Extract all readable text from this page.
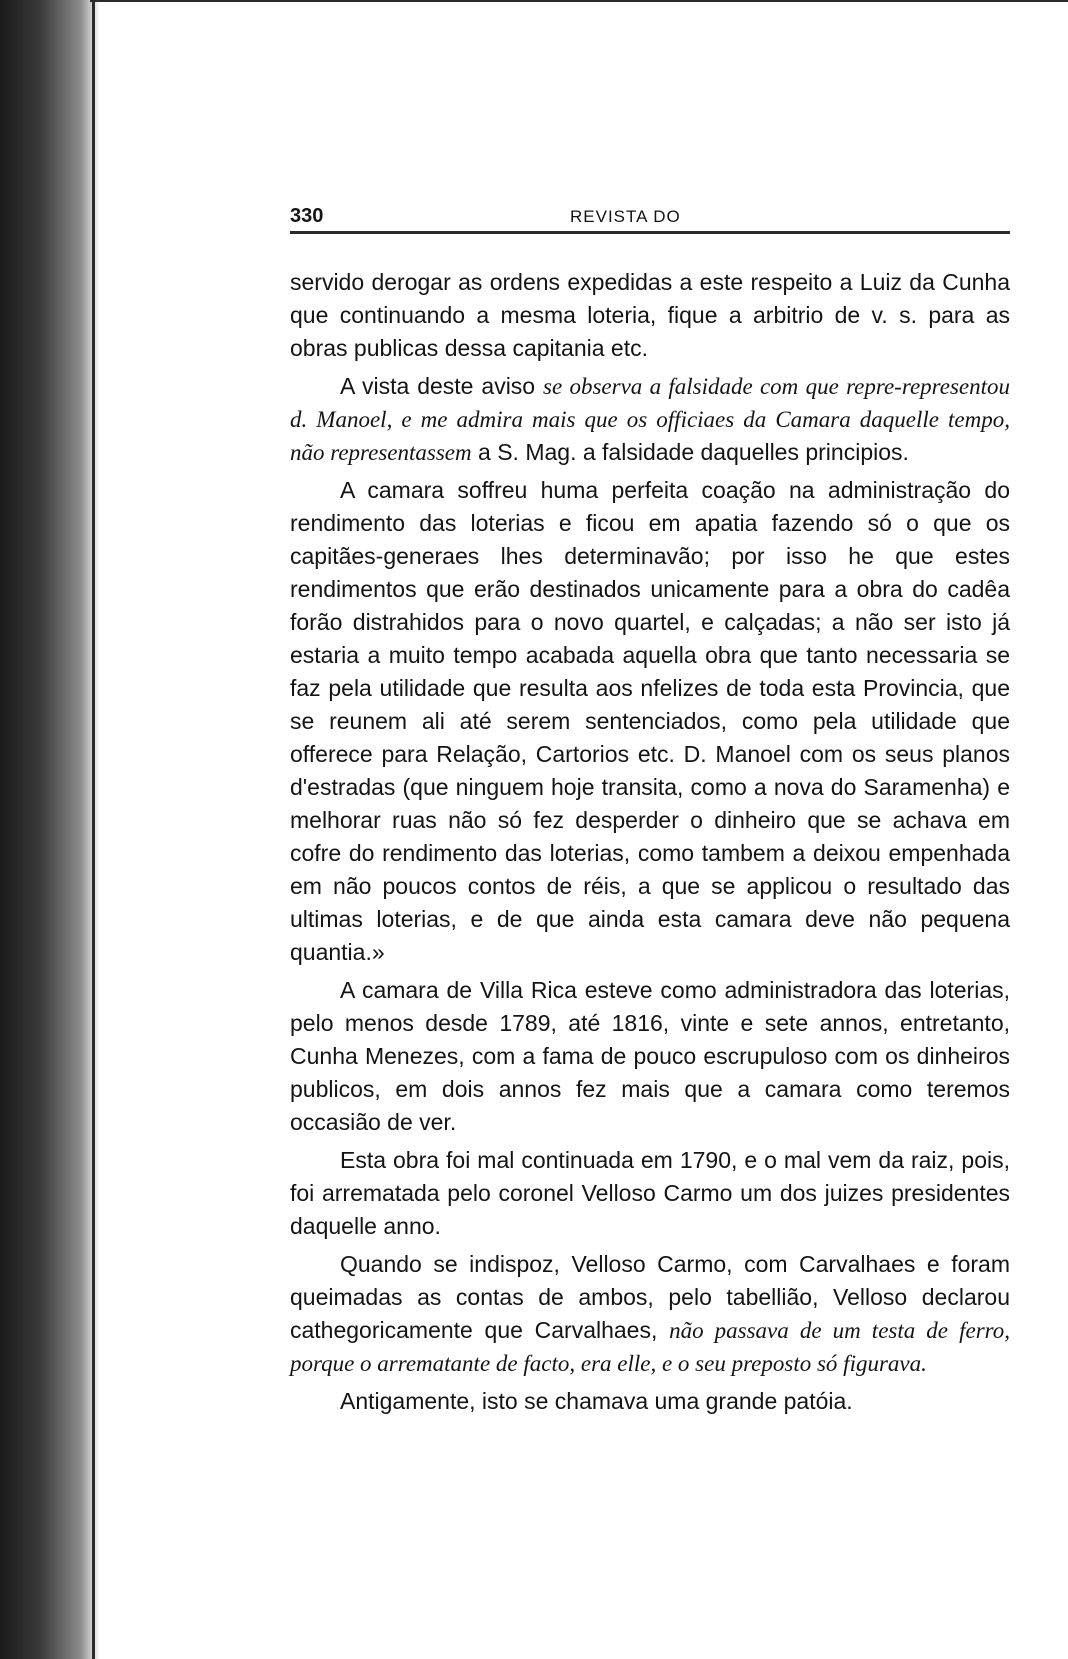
330	REVISTA DO

servido derogar as ordens expedidas a este respeito a Luiz da Cunha que continuando a mesma loteria, fique a arbitrio de v. s. para as obras publicas dessa capitania etc.

A vista deste aviso se observa a falsidade com que repre-representou d. Manoel, e me admira mais que os officiaes da Camara daquelle tempo, não representassem a S. Mag. a falsidade daquelles principios.

A camara soffreu huma perfeita coação na administração do rendimento das loterias e ficou em apatia fazendo só o que os capitães-generaes lhes determinavão; por isso he que estes rendimentos que erão destinados unicamente para a obra do cadêa forão distrahidos para o novo quartel, e calçadas; a não ser isto já estaria a muito tempo acabada aquella obra que tanto necessaria se faz pela utilidade que resulta aos nfelizes de toda esta Provincia, que se reunem ali até serem sentenciados, como pela utilidade que offerece para Relação, Cartorios etc. D. Manoel com os seus planos d'estradas (que ninguem hoje transita, como a nova do Saramenha) e melhorar ruas não só fez desperder o dinheiro que se achava em cofre do rendimento das loterias, como tambem a deixou empenhada em não poucos contos de réis, a que se applicou o resultado das ultimas loterias, e de que ainda esta camara deve não pequena quantia.»

A camara de Villa Rica esteve como administradora das loterias, pelo menos desde 1789, até 1816, vinte e sete annos, entretanto, Cunha Menezes, com a fama de pouco escrupuloso com os dinheiros publicos, em dois annos fez mais que a camara como teremos occasião de ver.

Esta obra foi mal continuada em 1790, e o mal vem da raiz, pois, foi arrematada pelo coronel Velloso Carmo um dos juizes presidentes daquelle anno.

Quando se indispoz, Velloso Carmo, com Carvalhaes e foram queimadas as contas de ambos, pelo tabellião, Velloso declarou cathegoricamente que Carvalhaes, não passava de um testa de ferro, porque o arrematante de facto, era elle, e o seu preposto só figurava.

Antigamente, isto se chamava uma grande patóia.
